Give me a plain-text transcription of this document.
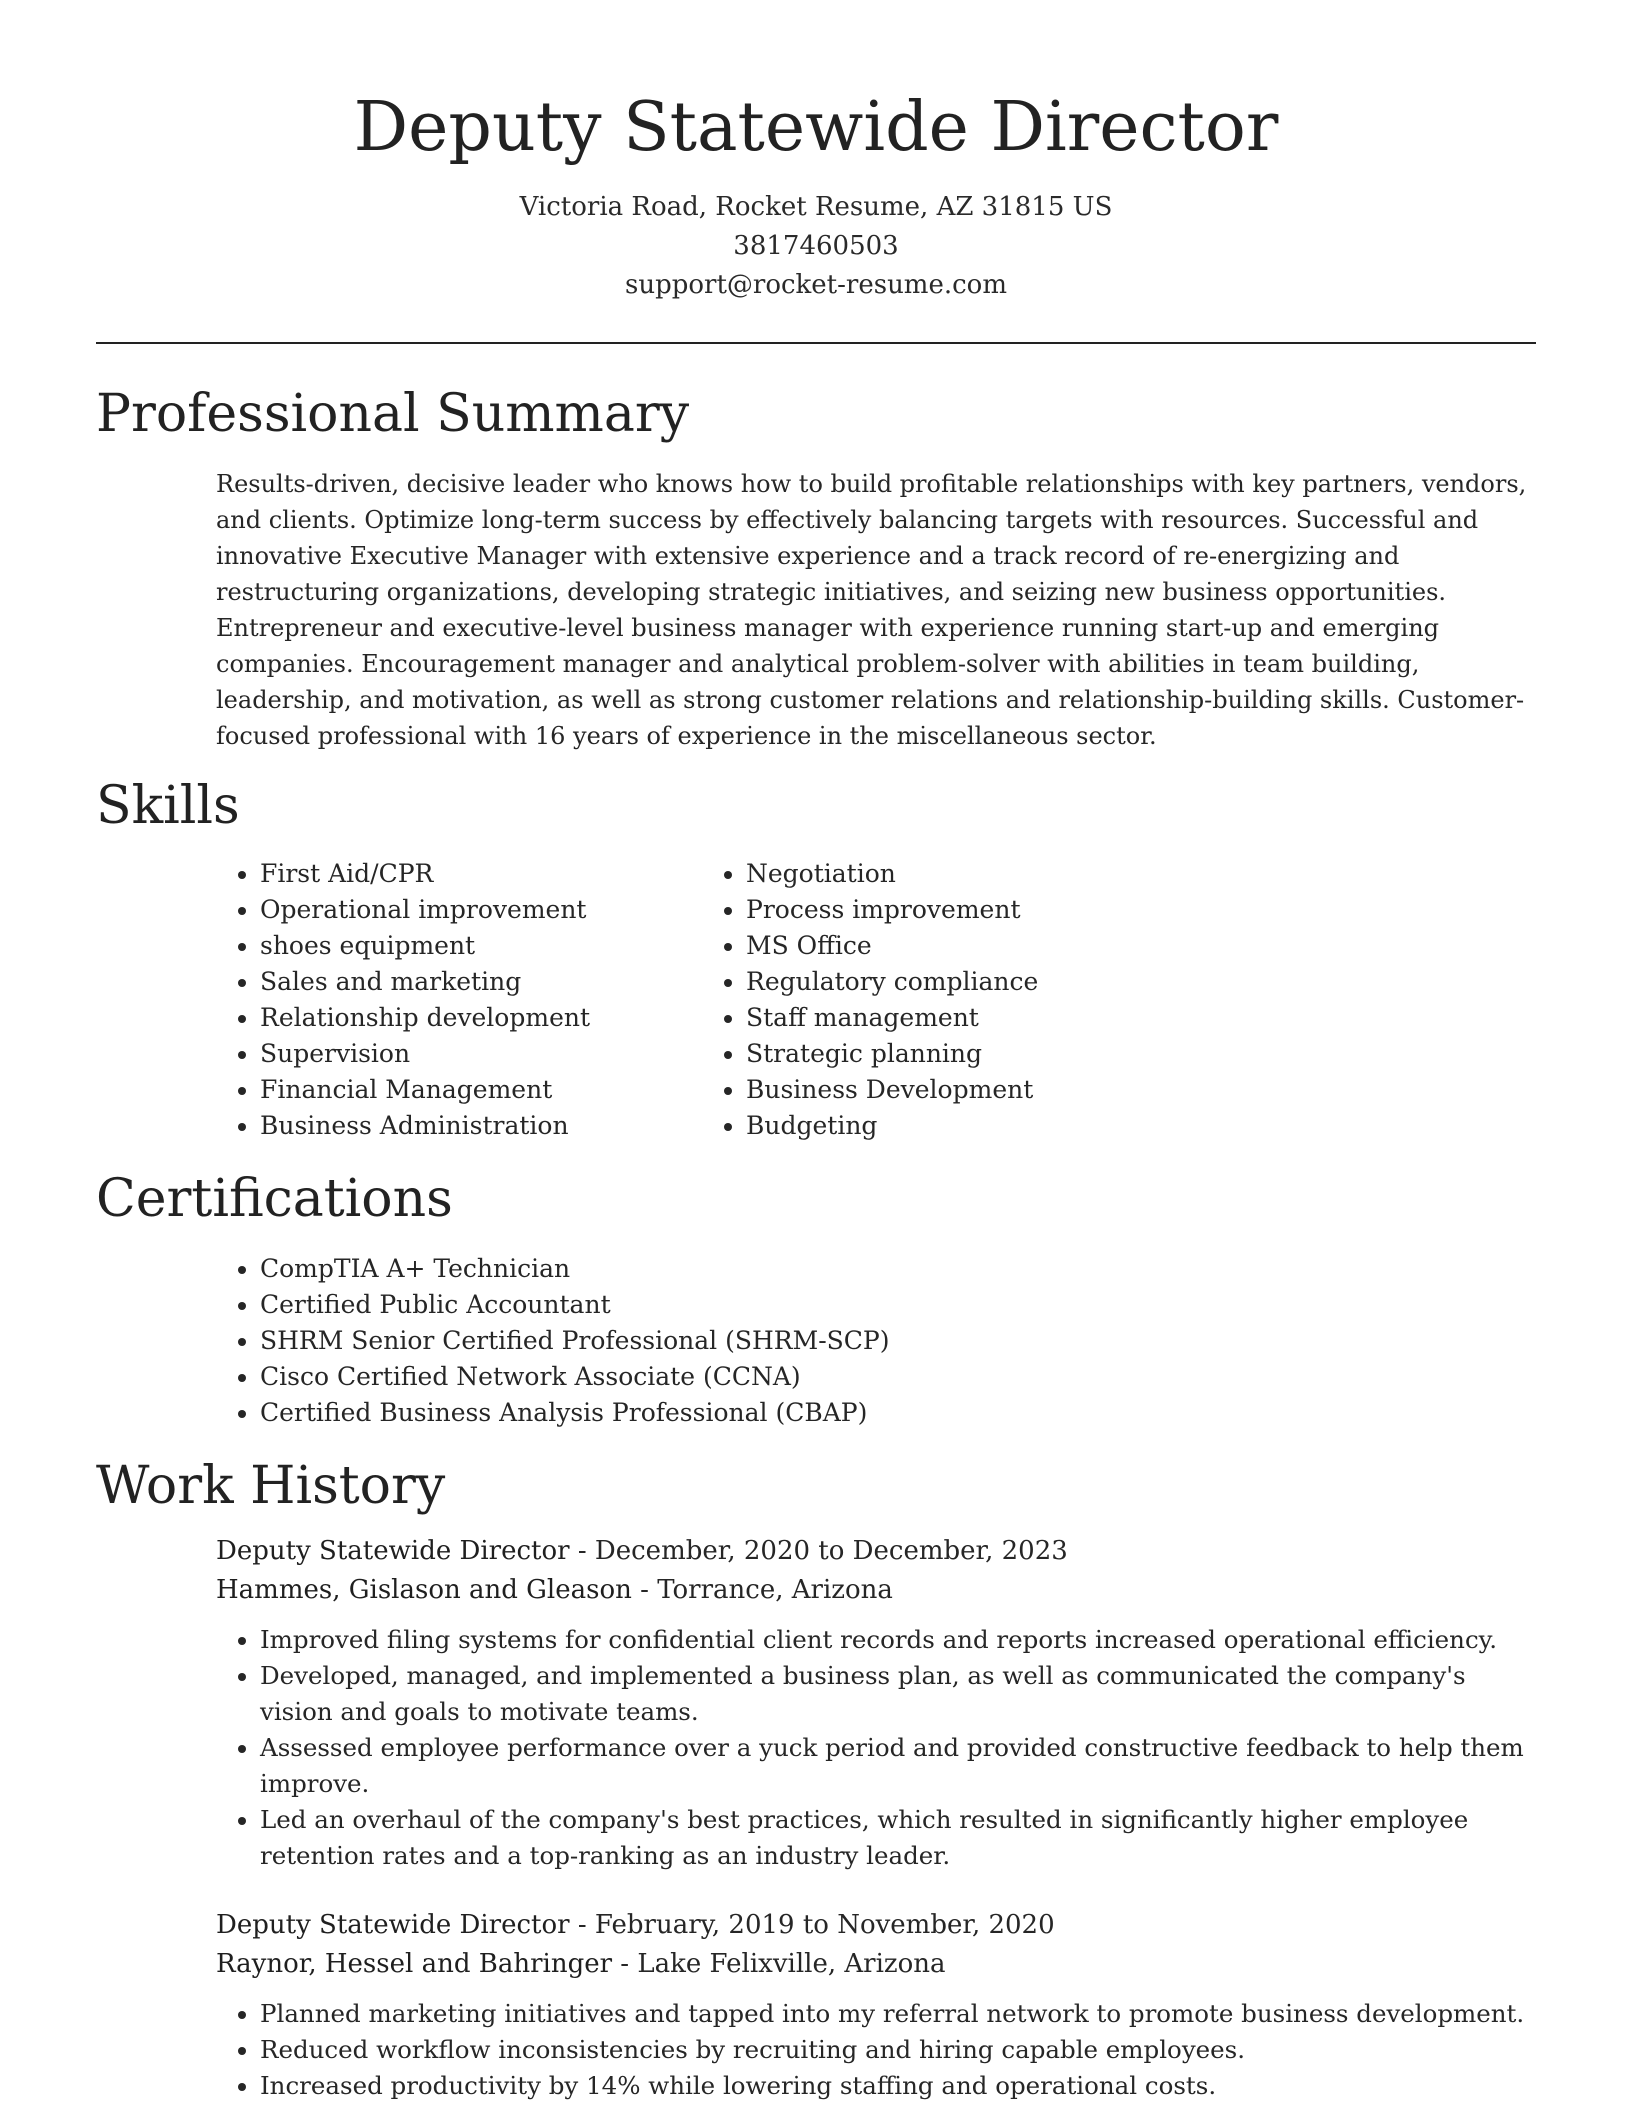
Deputy Statewide Director
Victoria Road, Rocket Resume, AZ 31815 US
3817460503
support@rocket-resume.com
Professional Summary
Results-driven, decisive leader who knows how to build profitable relationships with key partners, vendors, and clients. Optimize long-term success by effectively balancing targets with resources. Successful and innovative Executive Manager with extensive experience and a track record of re-energizing and restructuring organizations, developing strategic initiatives, and seizing new business opportunities. Entrepreneur and executive-level business manager with experience running start-up and emerging companies. Encouragement manager and analytical problem-solver with abilities in team building, leadership, and motivation, as well as strong customer relations and relationship-building skills. Customer-focused professional with 16 years of experience in the miscellaneous sector.
Skills
• First Aid/CPR
• Operational improvement
• shoes equipment
• Sales and marketing
• Relationship development
• Supervision
• Financial Management
• Business Administration
• Negotiation
• Process improvement
• MS Office
• Regulatory compliance
• Staff management
• Strategic planning
• Business Development
• Budgeting
Certifications
• CompTIA A+ Technician
• Certified Public Accountant
• SHRM Senior Certified Professional (SHRM-SCP)
• Cisco Certified Network Associate (CCNA)
• Certified Business Analysis Professional (CBAP)
Work History
Deputy Statewide Director - December, 2020 to December, 2023
Hammes, Gislason and Gleason - Torrance, Arizona
• Improved filing systems for confidential client records and reports increased operational efficiency.
• Developed, managed, and implemented a business plan, as well as communicated the company's vision and goals to motivate teams.
• Assessed employee performance over a yuck period and provided constructive feedback to help them improve.
• Led an overhaul of the company's best practices, which resulted in significantly higher employee retention rates and a top-ranking as an industry leader.
Deputy Statewide Director - February, 2019 to November, 2020
Raynor, Hessel and Bahringer - Lake Felixville, Arizona
• Planned marketing initiatives and tapped into my referral network to promote business development.
• Reduced workflow inconsistencies by recruiting and hiring capable employees.
• Increased productivity by 14% while lowering staffing and operational costs.
